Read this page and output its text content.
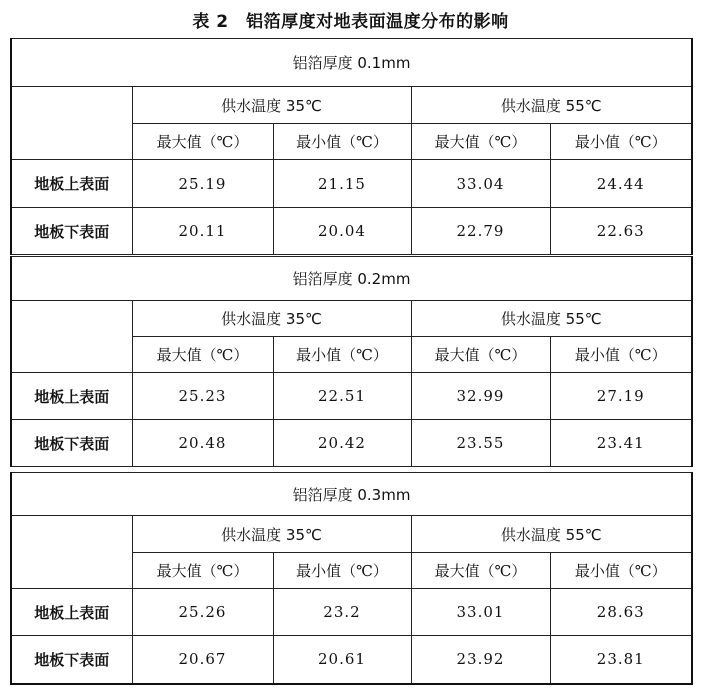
表 2　铝箔厚度对地表面温度分布的影响
铝箔厚度 0.1mm				
	供水温度 35℃		供水温度 55℃	
	最大值（℃）	最小值（℃）	最大值（℃）	最小值（℃）
地板上表面	25.19	21.15	33.04	24.44
地板下表面	20.11	20.04	22.79	22.63
铝箔厚度 0.2mm				
	供水温度 35℃		供水温度 55℃	
	最大值（℃）	最小值（℃）	最大值（℃）	最小值（℃）
地板上表面	25.23	22.51	32.99	27.19
地板下表面	20.48	20.42	23.55	23.41
铝箔厚度 0.3mm				
	供水温度 35℃		供水温度 55℃	
	最大值（℃）	最小值（℃）	最大值（℃）	最小值（℃）
地板上表面	25.26	23.2	33.01	28.63
地板下表面	20.67	20.61	23.92	23.81
